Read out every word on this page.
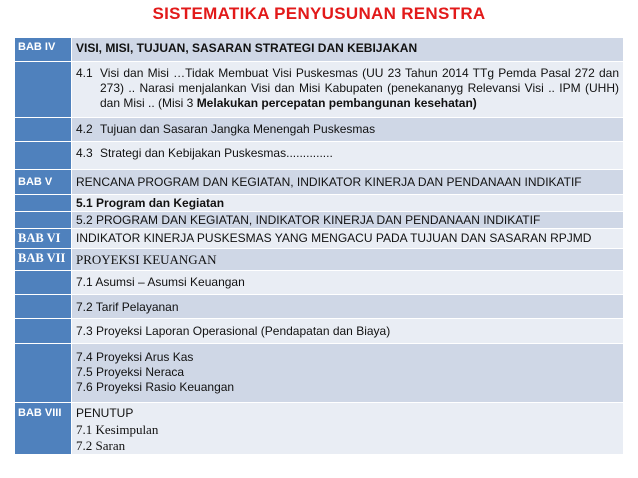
SISTEMATIKA PENYUSUNAN RENSTRA
BAB IV	VISI, MISI, TUJUAN, SASARAN STRATEGI DAN KEBIJAKAN

	4.1 Visi dan Misi …Tidak Membuat Visi Puskesmas (UU 23 Tahun 2014 TTg Pemda Pasal 272 dan 273) .. Narasi menjalankan Visi dan Misi Kabupaten (penekananyg Relevansi Visi .. IPM (UHH) dan Misi .. (Misi 3 Melakukan percepatan pembangunan kesehatan)

	4.2 Tujuan dan Sasaran Jangka Menengah Puskesmas
	4.3 Strategi dan Kebijakan Puskesmas..............
BAB V	RENCANA PROGRAM DAN KEGIATAN, INDIKATOR KINERJA DAN PENDANAAN INDIKATIF
	5.1 Program dan Kegiatan
	5.2 PROGRAM DAN KEGIATAN, INDIKATOR KINERJA DAN PENDANAAN INDIKATIF
BAB VI	INDIKATOR KINERJA PUSKESMAS YANG MENGACU PADA TUJUAN DAN SASARAN RPJMD
BAB VII	PROYEKSI KEUANGAN
	7.1 Asumsi – Asumsi Keuangan
	7.2 Tarif Pelayanan
	7.3 Proyeksi Laporan Operasional (Pendapatan dan Biaya)

	7.4 Proyeksi Arus Kas
7.5 Proyeksi Neraca
7.6 Proyeksi Rasio Keuangan

BAB VIII	PENUTUP
7.1 Kesimpulan
7.2 Saran
